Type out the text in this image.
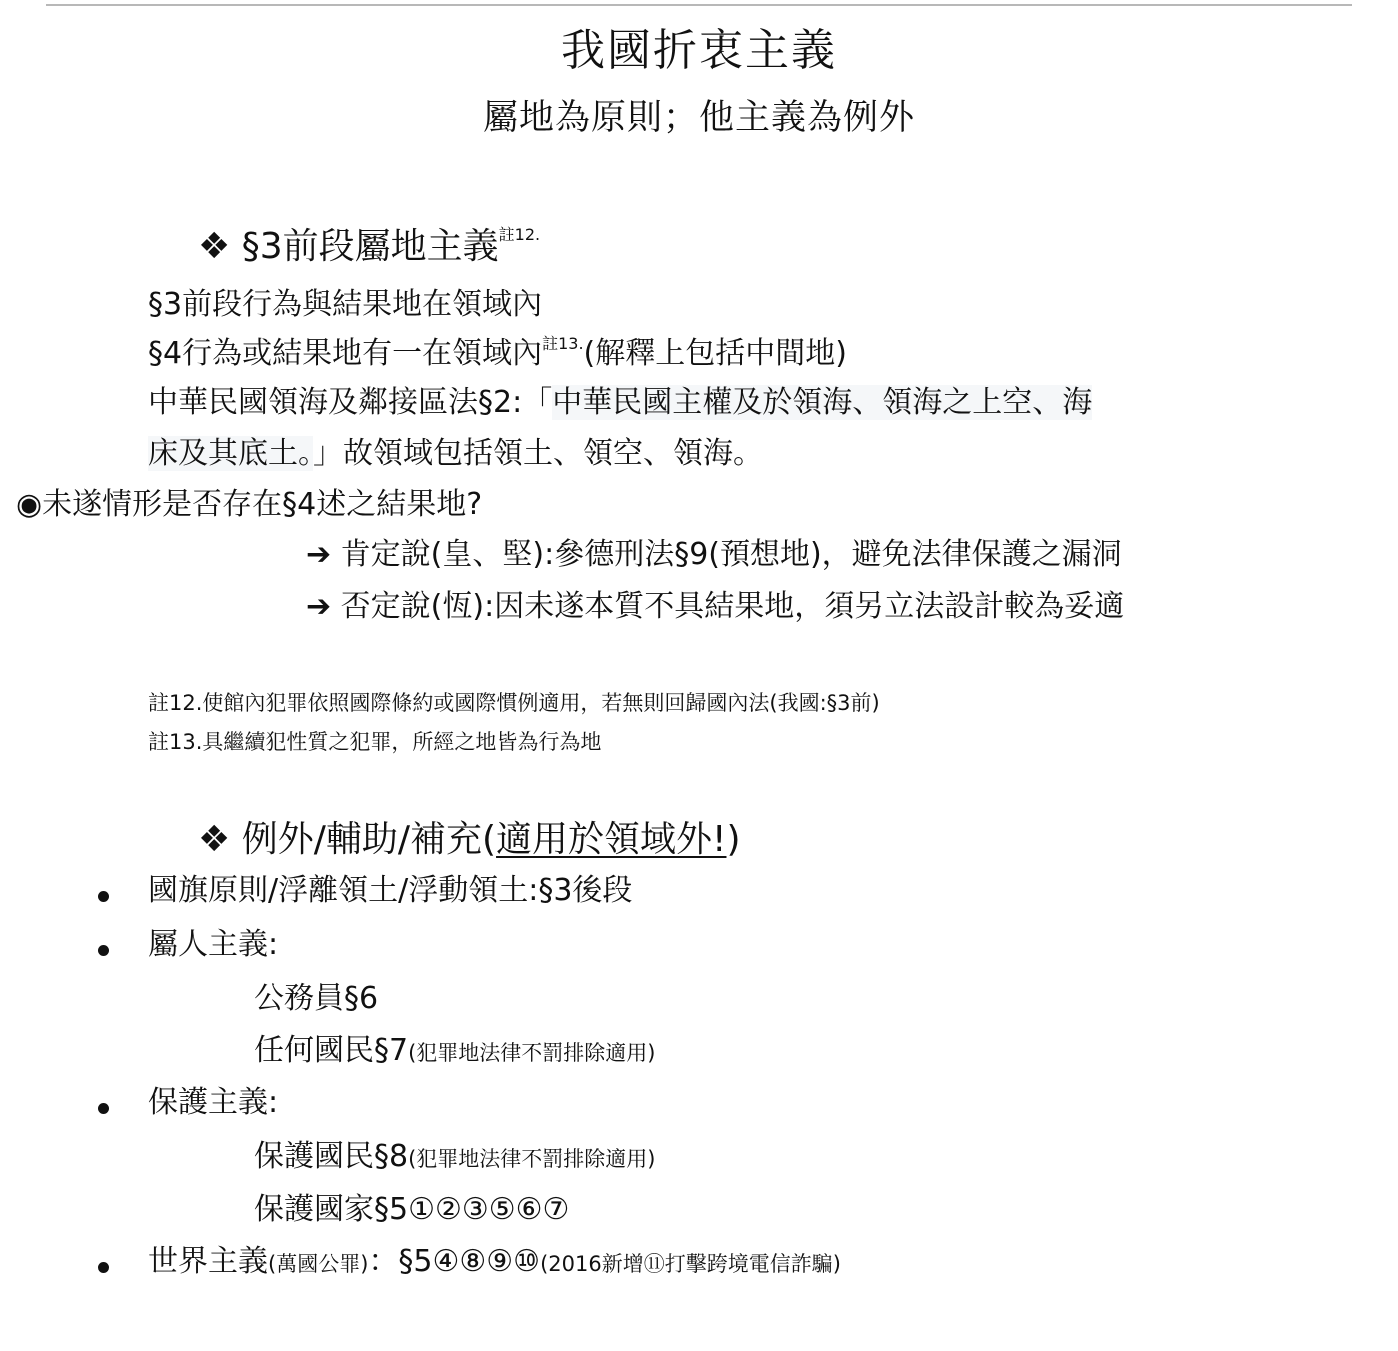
我國折衷主義
屬地為原則；他主義為例外
❖ §3前段屬地主義$^{註12.}$
§3前段行為與結果地在領域內
§4行為或結果地有一在領域內$^{註13.}$(解釋上包括中間地)
中華民國領海及鄰接區法§2:「中華民國主權及於領海、領海之上空、海
床及其底土。」故領域包括領土、領空、領海。
◉未遂情形是否存在§4述之結果地?
➔ 肯定說(皇、堅):參德刑法§9(預想地)，避免法律保護之漏洞
➔ 否定說(恆):因未遂本質不具結果地，須另立法設計較為妥適
註12.使館內犯罪依照國際條約或國際慣例適用，若無則回歸國內法(我國:§3前)
註13.具繼續犯性質之犯罪，所經之地皆為行為地
❖ 例外/輔助/補充(適用於領域外!)
國旗原則/浮離領土/浮動領土:§3後段
屬人主義:
公務員§6
任何國民§7(犯罪地法律不罰排除適用)
保護主義:
保護國民§8(犯罪地法律不罰排除適用)
保護國家§5①②③⑤⑥⑦
世界主義(萬國公罪)：§5④⑧⑨⑩(2016新增⑪打擊跨境電信詐騙)
